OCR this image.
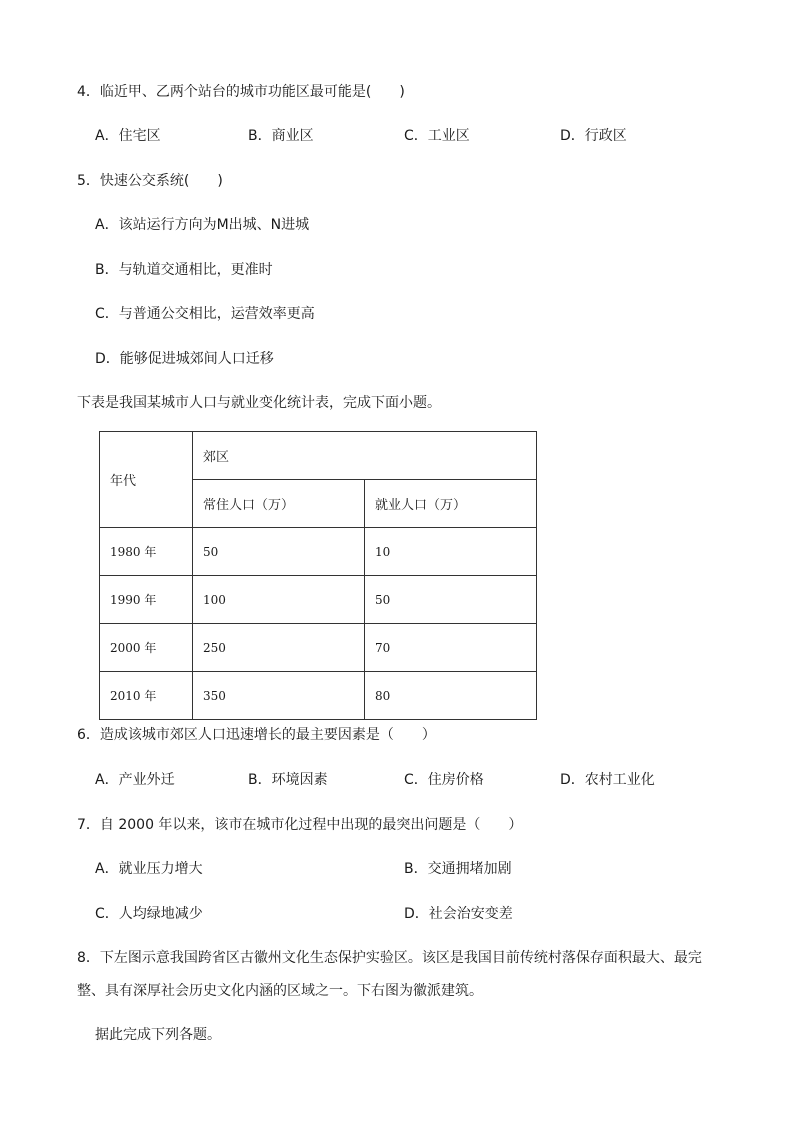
4．临近甲、乙两个站台的城市功能区最可能是(　　)
A．住宅区	B．商业区	C．工业区	D．行政区
5．快速公交系统(　　)
A．该站运行方向为M出城、N进城
B．与轨道交通相比，更准时
C．与普通公交相比，运营效率更高
D．能够促进城郊间人口迁移
下表是我国某城市人口与就业变化统计表，完成下面小题。
年代	郊区	
	常住人口（万）	就业人口（万）
1980 年	50	10
1990 年	100	50
2000 年	250	70
2010 年	350	80
6．造成该城市郊区人口迅速增长的最主要因素是（　　）
A．产业外迁	B．环境因素	C．住房价格	D．农村工业化
7．自 2000 年以来，该市在城市化过程中出现的最突出问题是（　　）
A．就业压力增大	B．交通拥堵加剧
C．人均绿地减少	D．社会治安变差
8．下左图示意我国跨省区古徽州文化生态保护实验区。该区是我国目前传统村落保存面积最大、最完
整、具有深厚社会历史文化内涵的区域之一。下右图为徽派建筑。
据此完成下列各题。
